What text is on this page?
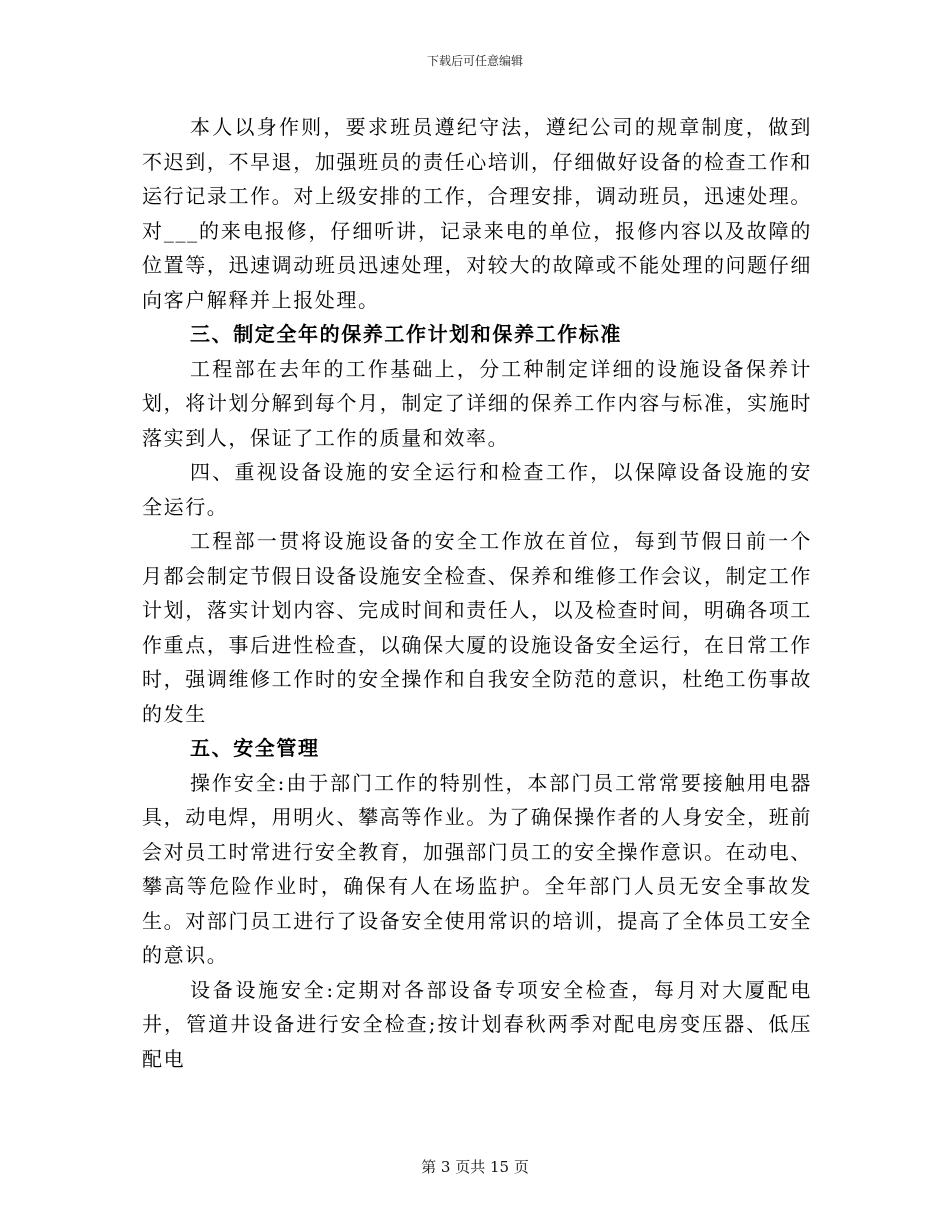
下载后可任意编辑

本人以身作则，要求班员遵纪守法，遵纪公司的规章制度，做到不迟到，不早退，加强班员的责任心培训，仔细做好设备的检查工作和运行记录工作。对上级安排的工作，合理安排，调动班员，迅速处理。对___的来电报修，仔细听讲，记录来电的单位，报修内容以及故障的位置等，迅速调动班员迅速处理，对较大的故障或不能处理的问题仔细向客户解释并上报处理。

三、制定全年的保养工作计划和保养工作标准

工程部在去年的工作基础上，分工种制定详细的设施设备保养计划，将计划分解到每个月，制定了详细的保养工作内容与标准，实施时落实到人，保证了工作的质量和效率。

四、重视设备设施的安全运行和检查工作，以保障设备设施的安全运行。

工程部一贯将设施设备的安全工作放在首位，每到节假日前一个月都会制定节假日设备设施安全检查、保养和维修工作会议，制定工作计划，落实计划内容、完成时间和责任人，以及检查时间，明确各项工作重点，事后进性检查，以确保大厦的设施设备安全运行，在日常工作时，强调维修工作时的安全操作和自我安全防范的意识，杜绝工伤事故的发生

五、安全管理

操作安全:由于部门工作的特别性，本部门员工常常要接触用电器具，动电焊，用明火、攀高等作业。为了确保操作者的人身安全，班前会对员工时常进行安全教育，加强部门员工的安全操作意识。在动电、攀高等危险作业时，确保有人在场监护。全年部门人员无安全事故发生。对部门员工进行了设备安全使用常识的培训，提高了全体员工安全的意识。

设备设施安全:定期对各部设备专项安全检查，每月对大厦配电井，管道井设备进行安全检查;按计划春秋两季对配电房变压器、低压配电

第 3 页共 15 页
